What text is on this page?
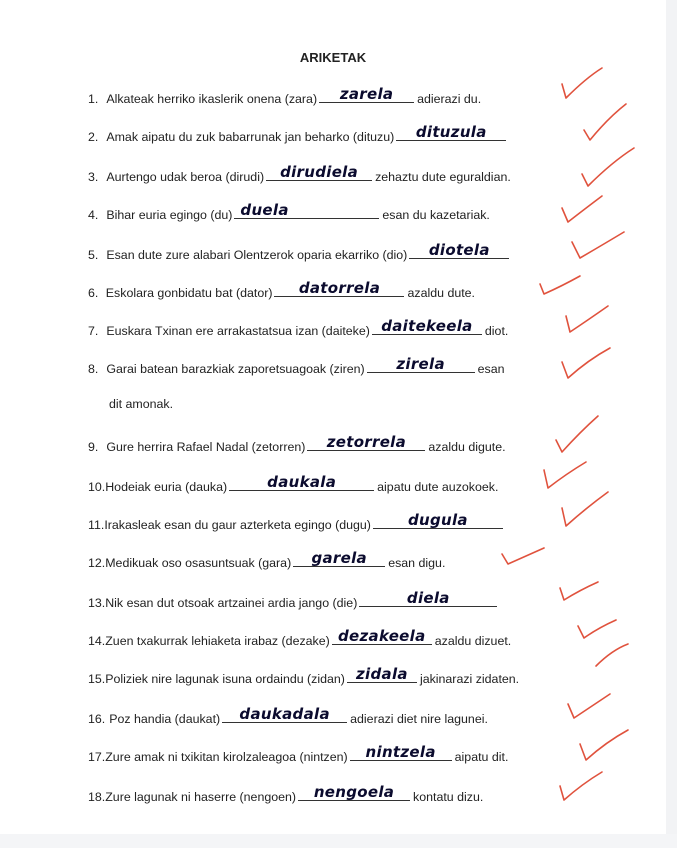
ARIKETAK
1. Alkateak herriko ikaslerik onena (zara)	zarela	adierazi du.
2. Amak aipatu du zuk babarrunak jan beharko (dituzu)	dituzula
3. Aurtengo udak beroa (dirudi)	dirudiela	zehaztu dute eguraldian.
4. Bihar euria egingo (du) duela	esan du kazetariak.
5. Esan dute zure alabari Olentzerok oparia ekarriko (dio)	diotela
6. Eskolara gonbidatu bat (dator)	datorrela	azaldu dute.
7. Euskara Txinan ere arrakastatsua izan (daiteke) daitekeela diot.
8. Garai batean barazkiak zaporetsuagoak (ziren)	zirela	esan
dit amonak.
9. Gure herrira Rafael Nadal (zetorren)	zetorrela	azaldu digute.
10. Hodeiak euria (dauka)	daukala	aipatu dute auzokoek.
11. Irakasleak esan du gaur azterketa egingo (dugu)	dugula
12. Medikuak oso osasuntsuak (gara)	garela	esan digu.
13. Nik esan dut otsoak artzainei ardia jango (die)	diela
14. Zuen txakurrak lehiaketa irabaz (dezake) dezakeela azaldu dizuet.
15. Poliziek nire lagunak isuna ordaindu (zidan) zidala jakinarazi zidaten.
16. Poz handia (daukat)	daukadala	adierazi diet nire lagunei.
17. Zure amak ni txikitan kirolzaleagoa (nintzen)	nintzela	aipatu dit.
18. Zure lagunak ni haserre (nengoen)	nengoela	kontatu dizu.
